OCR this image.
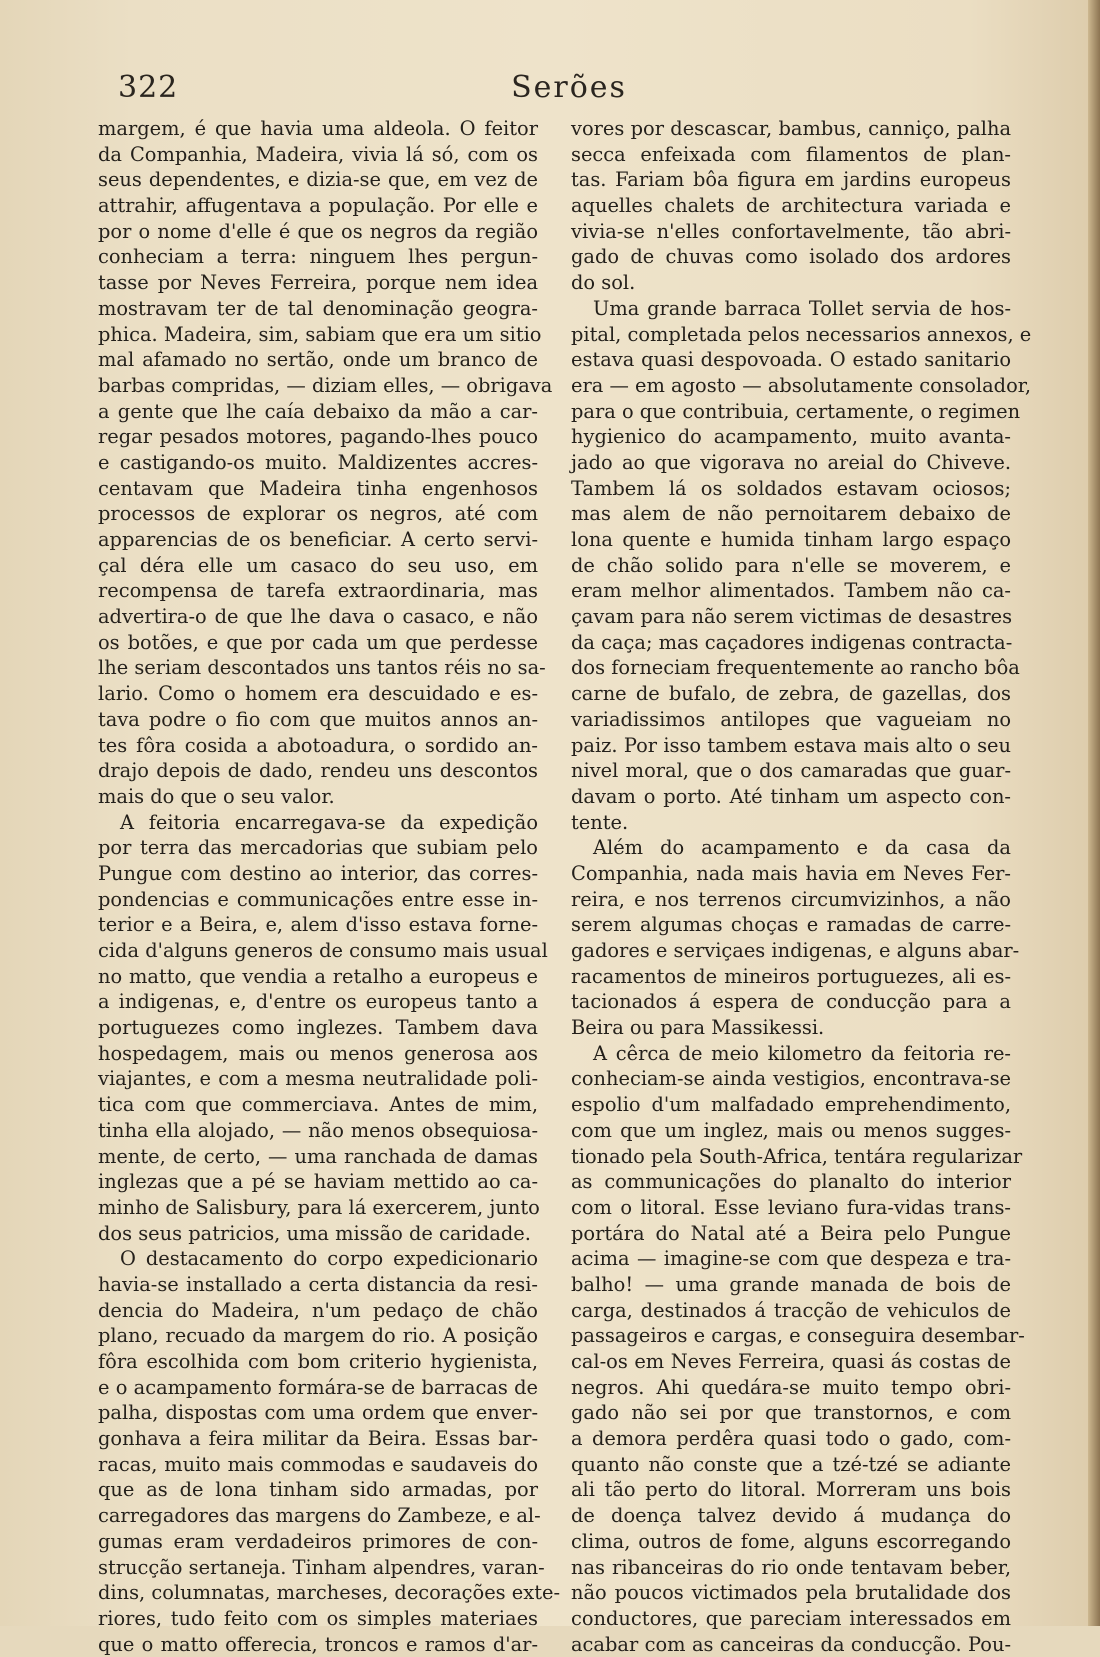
322	Serões
margem, é que havia uma aldeola. O feitor
da Companhia, Madeira, vivia lá só, com os
seus dependentes, e dizia-se que, em vez de
attrahir, affugentava a população. Por elle e
por o nome d'elle é que os negros da região
conheciam a terra: ninguem lhes pergun-
tasse por Neves Ferreira, porque nem idea
mostravam ter de tal denominação geogra-
phica. Madeira, sim, sabiam que era um sitio
mal afamado no sertão, onde um branco de
barbas compridas, — diziam elles, — obrigava
a gente que lhe caía debaixo da mão a car-
regar pesados motores, pagando-lhes pouco
e castigando-os muito. Maldizentes accres-
centavam que Madeira tinha engenhosos
processos de explorar os negros, até com
apparencias de os beneficiar. A certo servi-
çal déra elle um casaco do seu uso, em
recompensa de tarefa extraordinaria, mas
advertira-o de que lhe dava o casaco, e não
os botões, e que por cada um que perdesse
lhe seriam descontados uns tantos réis no sa-
lario. Como o homem era descuidado e es-
tava podre o fio com que muitos annos an-
tes fôra cosida a abotoadura, o sordido an-
drajo depois de dado, rendeu uns descontos
mais do que o seu valor.
A feitoria encarregava-se da expedição
por terra das mercadorias que subiam pelo
Pungue com destino ao interior, das corres-
pondencias e communicações entre esse in-
terior e a Beira, e, alem d'isso estava forne-
cida d'alguns generos de consumo mais usual
no matto, que vendia a retalho a europeus e
a indigenas, e, d'entre os europeus tanto a
portuguezes como inglezes. Tambem dava
hospedagem, mais ou menos generosa aos
viajantes, e com a mesma neutralidade poli-
tica com que commerciava. Antes de mim,
tinha ella alojado, — não menos obsequiosa-
mente, de certo, — uma ranchada de damas
inglezas que a pé se haviam mettido ao ca-
minho de Salisbury, para lá exercerem, junto
dos seus patricios, uma missão de caridade.
O destacamento do corpo expedicionario
havia-se installado a certa distancia da resi-
dencia do Madeira, n'um pedaço de chão
plano, recuado da margem do rio. A posição
fôra escolhida com bom criterio hygienista,
e o acampamento formára-se de barracas de
palha, dispostas com uma ordem que enver-
gonhava a feira militar da Beira. Essas bar-
racas, muito mais commodas e saudaveis do
que as de lona tinham sido armadas, por
carregadores das margens do Zambeze, e al-
gumas eram verdadeiros primores de con-
strucção sertaneja. Tinham alpendres, varan-
dins, columnatas, marcheses, decorações exte-
riores, tudo feito com os simples materiaes
que o matto offerecia, troncos e ramos d'ar-
vores por descascar, bambus, canniço, palha
secca enfeixada com filamentos de plan-
tas. Fariam bôa figura em jardins europeus
aquelles chalets de architectura variada e
vivia-se n'elles confortavelmente, tão abri-
gado de chuvas como isolado dos ardores
do sol.
Uma grande barraca Tollet servia de hos-
pital, completada pelos necessarios annexos, e
estava quasi despovoada. O estado sanitario
era — em agosto — absolutamente consolador,
para o que contribuia, certamente, o regimen
hygienico do acampamento, muito avanta-
jado ao que vigorava no areial do Chiveve.
Tambem lá os soldados estavam ociosos;
mas alem de não pernoitarem debaixo de
lona quente e humida tinham largo espaço
de chão solido para n'elle se moverem, e
eram melhor alimentados. Tambem não ca-
çavam para não serem victimas de desastres
da caça; mas caçadores indigenas contracta-
dos forneciam frequentemente ao rancho bôa
carne de bufalo, de zebra, de gazellas, dos
variadissimos antilopes que vagueiam no
paiz. Por isso tambem estava mais alto o seu
nivel moral, que o dos camaradas que guar-
davam o porto. Até tinham um aspecto con-
tente.
Além do acampamento e da casa da
Companhia, nada mais havia em Neves Fer-
reira, e nos terrenos circumvizinhos, a não
serem algumas choças e ramadas de carre-
gadores e serviçaes indigenas, e alguns abar-
racamentos de mineiros portuguezes, ali es-
tacionados á espera de conducção para a
Beira ou para Massikessi.
A cêrca de meio kilometro da feitoria re-
conheciam-se ainda vestigios, encontrava-se
espolio d'um malfadado emprehendimento,
com que um inglez, mais ou menos sugges-
tionado pela South-Africa, tentára regularizar
as communicações do planalto do interior
com o litoral. Esse leviano fura-vidas trans-
portára do Natal até a Beira pelo Pungue
acima — imagine-se com que despeza e tra-
balho! — uma grande manada de bois de
carga, destinados á tracção de vehiculos de
passageiros e cargas, e conseguira desembar-
cal-os em Neves Ferreira, quasi ás costas de
negros. Ahi quedára-se muito tempo obri-
gado não sei por que transtornos, e com
a demora perdêra quasi todo o gado, com-
quanto não conste que a tzé-tzé se adiante
ali tão perto do litoral. Morreram uns bois
de doença talvez devido á mudança do
clima, outros de fome, alguns escorregando
nas ribanceiras do rio onde tentavam beber,
não poucos victimados pela brutalidade dos
conductores, que pareciam interessados em
acabar com as canceiras da conducção. Pou-
